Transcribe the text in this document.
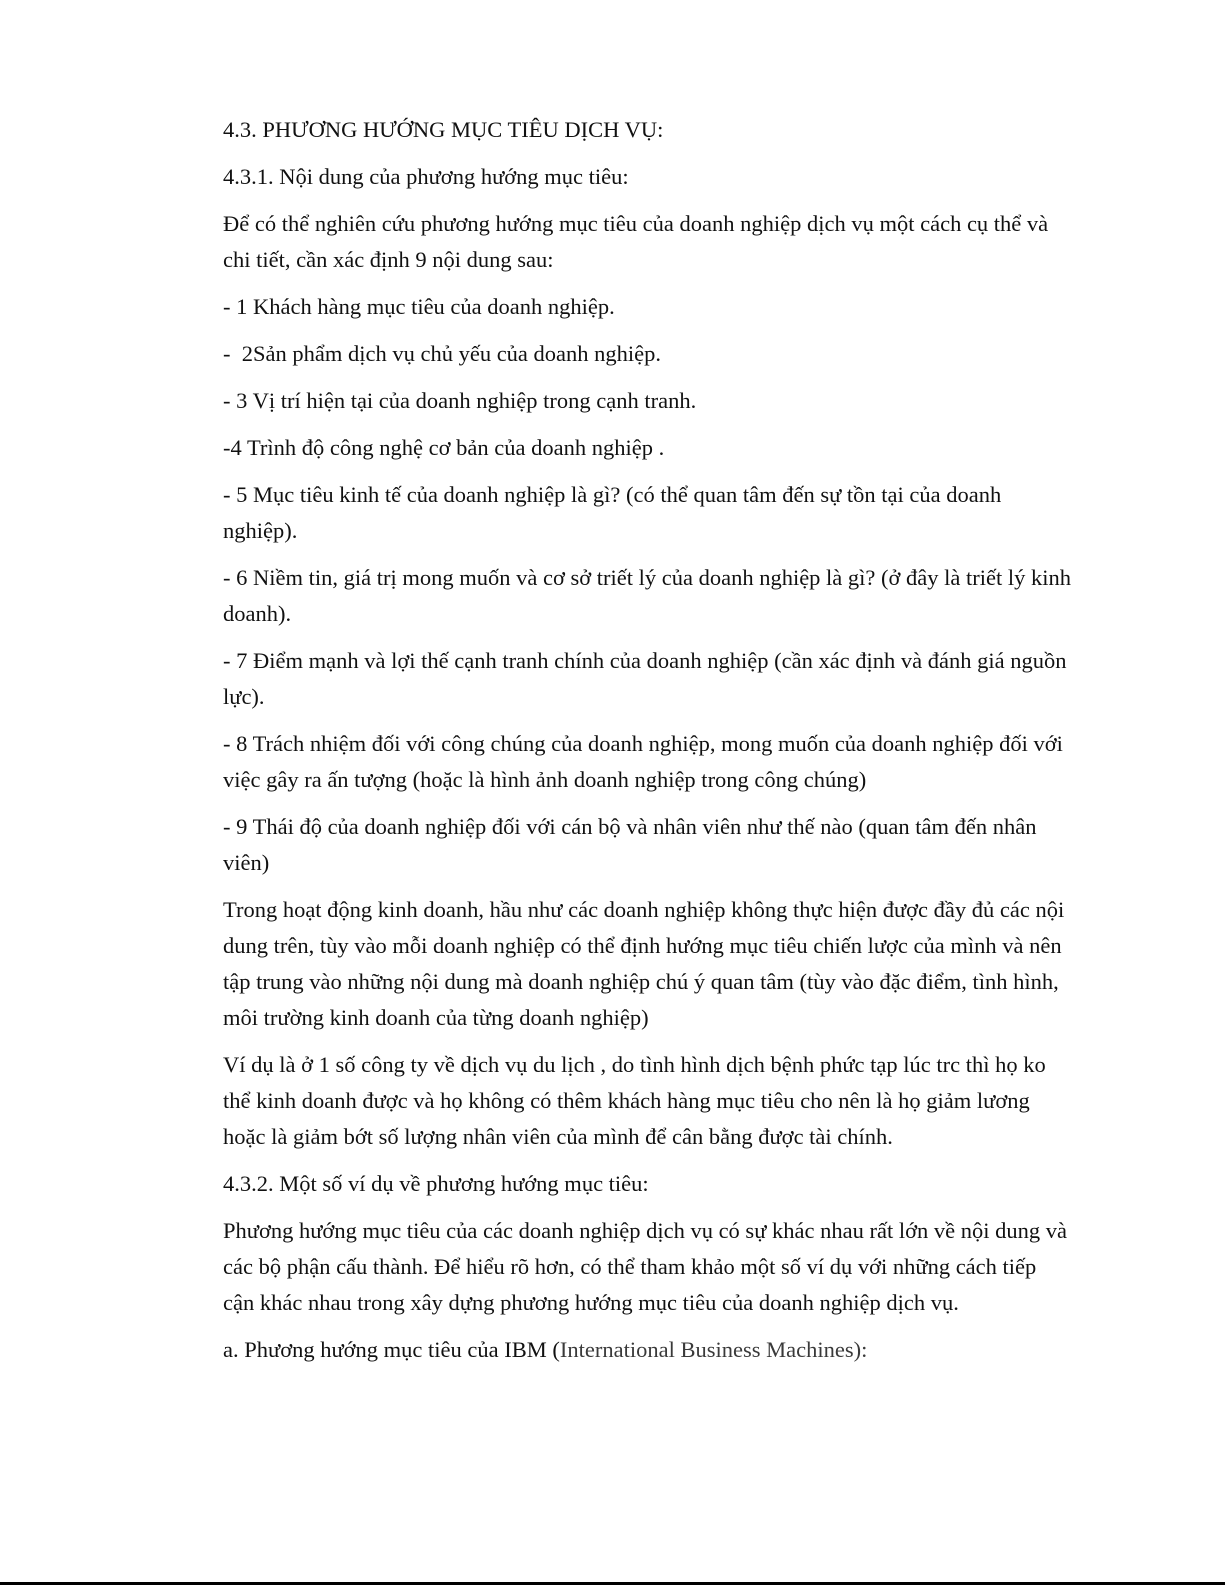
4.3. PHƯƠNG HƯỚNG MỤC TIÊU DỊCH VỤ:

4.3.1. Nội dung của phương hướng mục tiêu:

Để có thể nghiên cứu phương hướng mục tiêu của doanh nghiệp dịch vụ một cách cụ thể và chi tiết, cần xác định 9 nội dung sau:

- 1 Khách hàng mục tiêu của doanh nghiệp.

-  2Sản phẩm dịch vụ chủ yếu của doanh nghiệp.

- 3 Vị trí hiện tại của doanh nghiệp trong cạnh tranh.

-4 Trình độ công nghệ cơ bản của doanh nghiệp .

- 5 Mục tiêu kinh tế của doanh nghiệp là gì? (có thể quan tâm đến sự tồn tại của doanh nghiệp).

- 6 Niềm tin, giá trị mong muốn và cơ sở triết lý của doanh nghiệp là gì? (ở đây là triết lý kinh doanh).

- 7 Điểm mạnh và lợi thế cạnh tranh chính của doanh nghiệp (cần xác định và đánh giá nguồn lực).

- 8 Trách nhiệm đối với công chúng của doanh nghiệp, mong muốn của doanh nghiệp đối với việc gây ra ấn tượng (hoặc là hình ảnh doanh nghiệp trong công chúng)

- 9 Thái độ của doanh nghiệp đối với cán bộ và nhân viên như thế nào (quan tâm đến nhân viên)

Trong hoạt động kinh doanh, hầu như các doanh nghiệp không thực hiện được đầy đủ các nội dung trên, tùy vào mỗi doanh nghiệp có thể định hướng mục tiêu chiến lược của mình và nên tập trung vào những nội dung mà doanh nghiệp chú ý quan tâm (tùy vào đặc điểm, tình hình, môi trường kinh doanh của từng doanh nghiệp)

Ví dụ là ở 1 số công ty về dịch vụ du lịch , do tình hình dịch bệnh phức tạp lúc trc thì họ ko thể kinh doanh được và họ không có thêm khách hàng mục tiêu cho nên là họ giảm lương hoặc là giảm bớt số lượng nhân viên của mình để cân bằng được tài chính.

4.3.2. Một số ví dụ về phương hướng mục tiêu:

Phương hướng mục tiêu của các doanh nghiệp dịch vụ có sự khác nhau rất lớn về nội dung và các bộ phận cấu thành. Để hiểu rõ hơn, có thể tham khảo một số ví dụ với những cách tiếp cận khác nhau trong xây dựng phương hướng mục tiêu của doanh nghiệp dịch vụ.

a. Phương hướng mục tiêu của IBM (International Business Machines):
